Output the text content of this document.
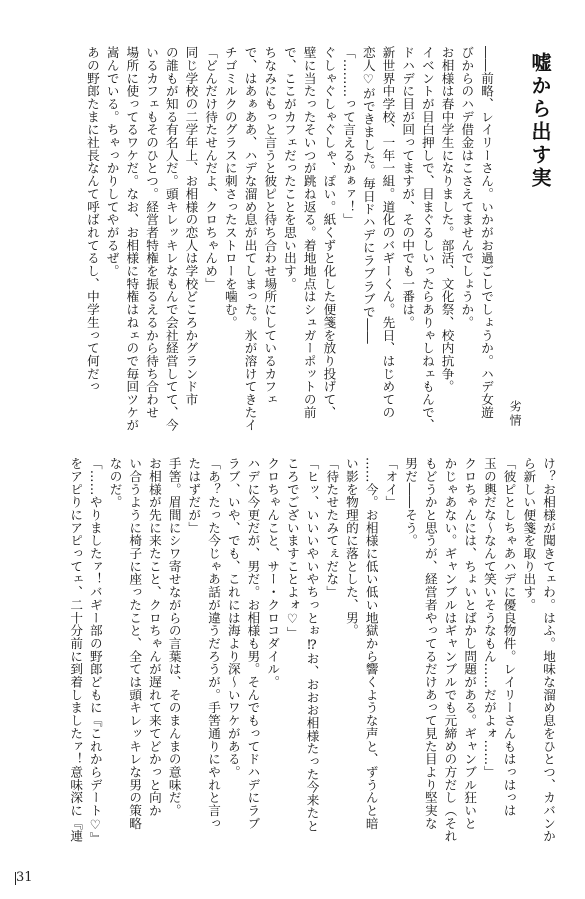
嘘から出す実
劣情

――前略、レイリーさん。いかがお過ごしでしょうか。ハデ女遊

びからのハデ借金はこさえてませんでしょうか。

お相様は春中学生になりました。部活、文化祭、校内抗争。

イベントが目白押しで、目まぐるしいったらありゃしねェもんで、

ドハデに目が回ってますが、その中でも一番は。

新世界中学校、一年一組。道化のバギーくん。先日、はじめての

恋人♡ができました。毎日ドハデにラブラブで――

「………って言えるかぁァ！」

ぐしゃぐしゃぐしゃ、ぽい。紙くずと化した便箋を放り投げて、

壁に当たったそいつが跳ね返る。着地地点はシュガーポットの前

で、ここがカフェだったことを思い出す。

ちなみにもっと言うと彼ピと待ち合わせ場所にしているカフェ

で、はあぁああ、ハデな溜め息が出てしまった。氷が溶けてきたイ

チゴミルクのグラスに刺さったストローを噛む。

「どんだけ待たせんだよ、クロちゃんめ」

同じ学校の二学年上、お相様の恋人は学校どころかグランド市

の誰もが知る有名人だ。頭キレッキレなもんで会社経営してて、今

いるカフェもそのひとつ。経営者特権を振るえるから待ち合わせ

場所に使ってるワケだ。なお、お相様に特権はねェので毎回ツケが

嵩んでいる。ちゃっかりしてやがるぜ。

あの野郎たまに社長なんて呼ばれてるし、中学生って何だっ

け？お相様が聞きてェわ。はふ。地味な溜め息をひとつ、カバンか

ら新しい便箋を取り出す。

「彼ピとしちゃあハデに優良物件。レイリーさんもはっはっは

玉の輿だな～なんて笑いそうなもん……だがよォ……」

クロちゃんには、ちょいとばかし問題がある。ギャンブル狂いと

かじゃあない。ギャンブルはギャンブルでも元締めの方だし（それ

もどうかと思うが、経営者やってるだけあって見た目より堅実な

男だ――そう。

「オイ」

……今。お相様に低い低い地獄から響くような声と、ずうんと暗

い影を物理的に落とした、男。

「待たせたみてぇだな」

「ヒッ、いいいやいやちっとぉ⁉お、おおお相様たった今来たと

ころでございますことよォ♡」

クロちゃんこと、サー・クロコダイル。

ハデに今更だが、男だ。お相様も男。そんでもってドハデにラブ

ラブ、いや、でも、これには海より深～いワケがある。

「あ？たった今じゃあ話が違うだろうが。手筈通りにやれと言っ

たはずだが」

手筈。眉間にシワ寄せながらの言葉は、そのまんまの意味だ。

お相様が先に来たこと、クロちゃんが遅れて来てどかっと向か

い合うように椅子に座ったこと、全ては頭キレッキレな男の策略

なのだ。

「……やりましたァ！バギー部の野郎どもに『これからデート♡』

をアピりにアピってェ、二十分前に到着しましたァ！意味深に『連

31
